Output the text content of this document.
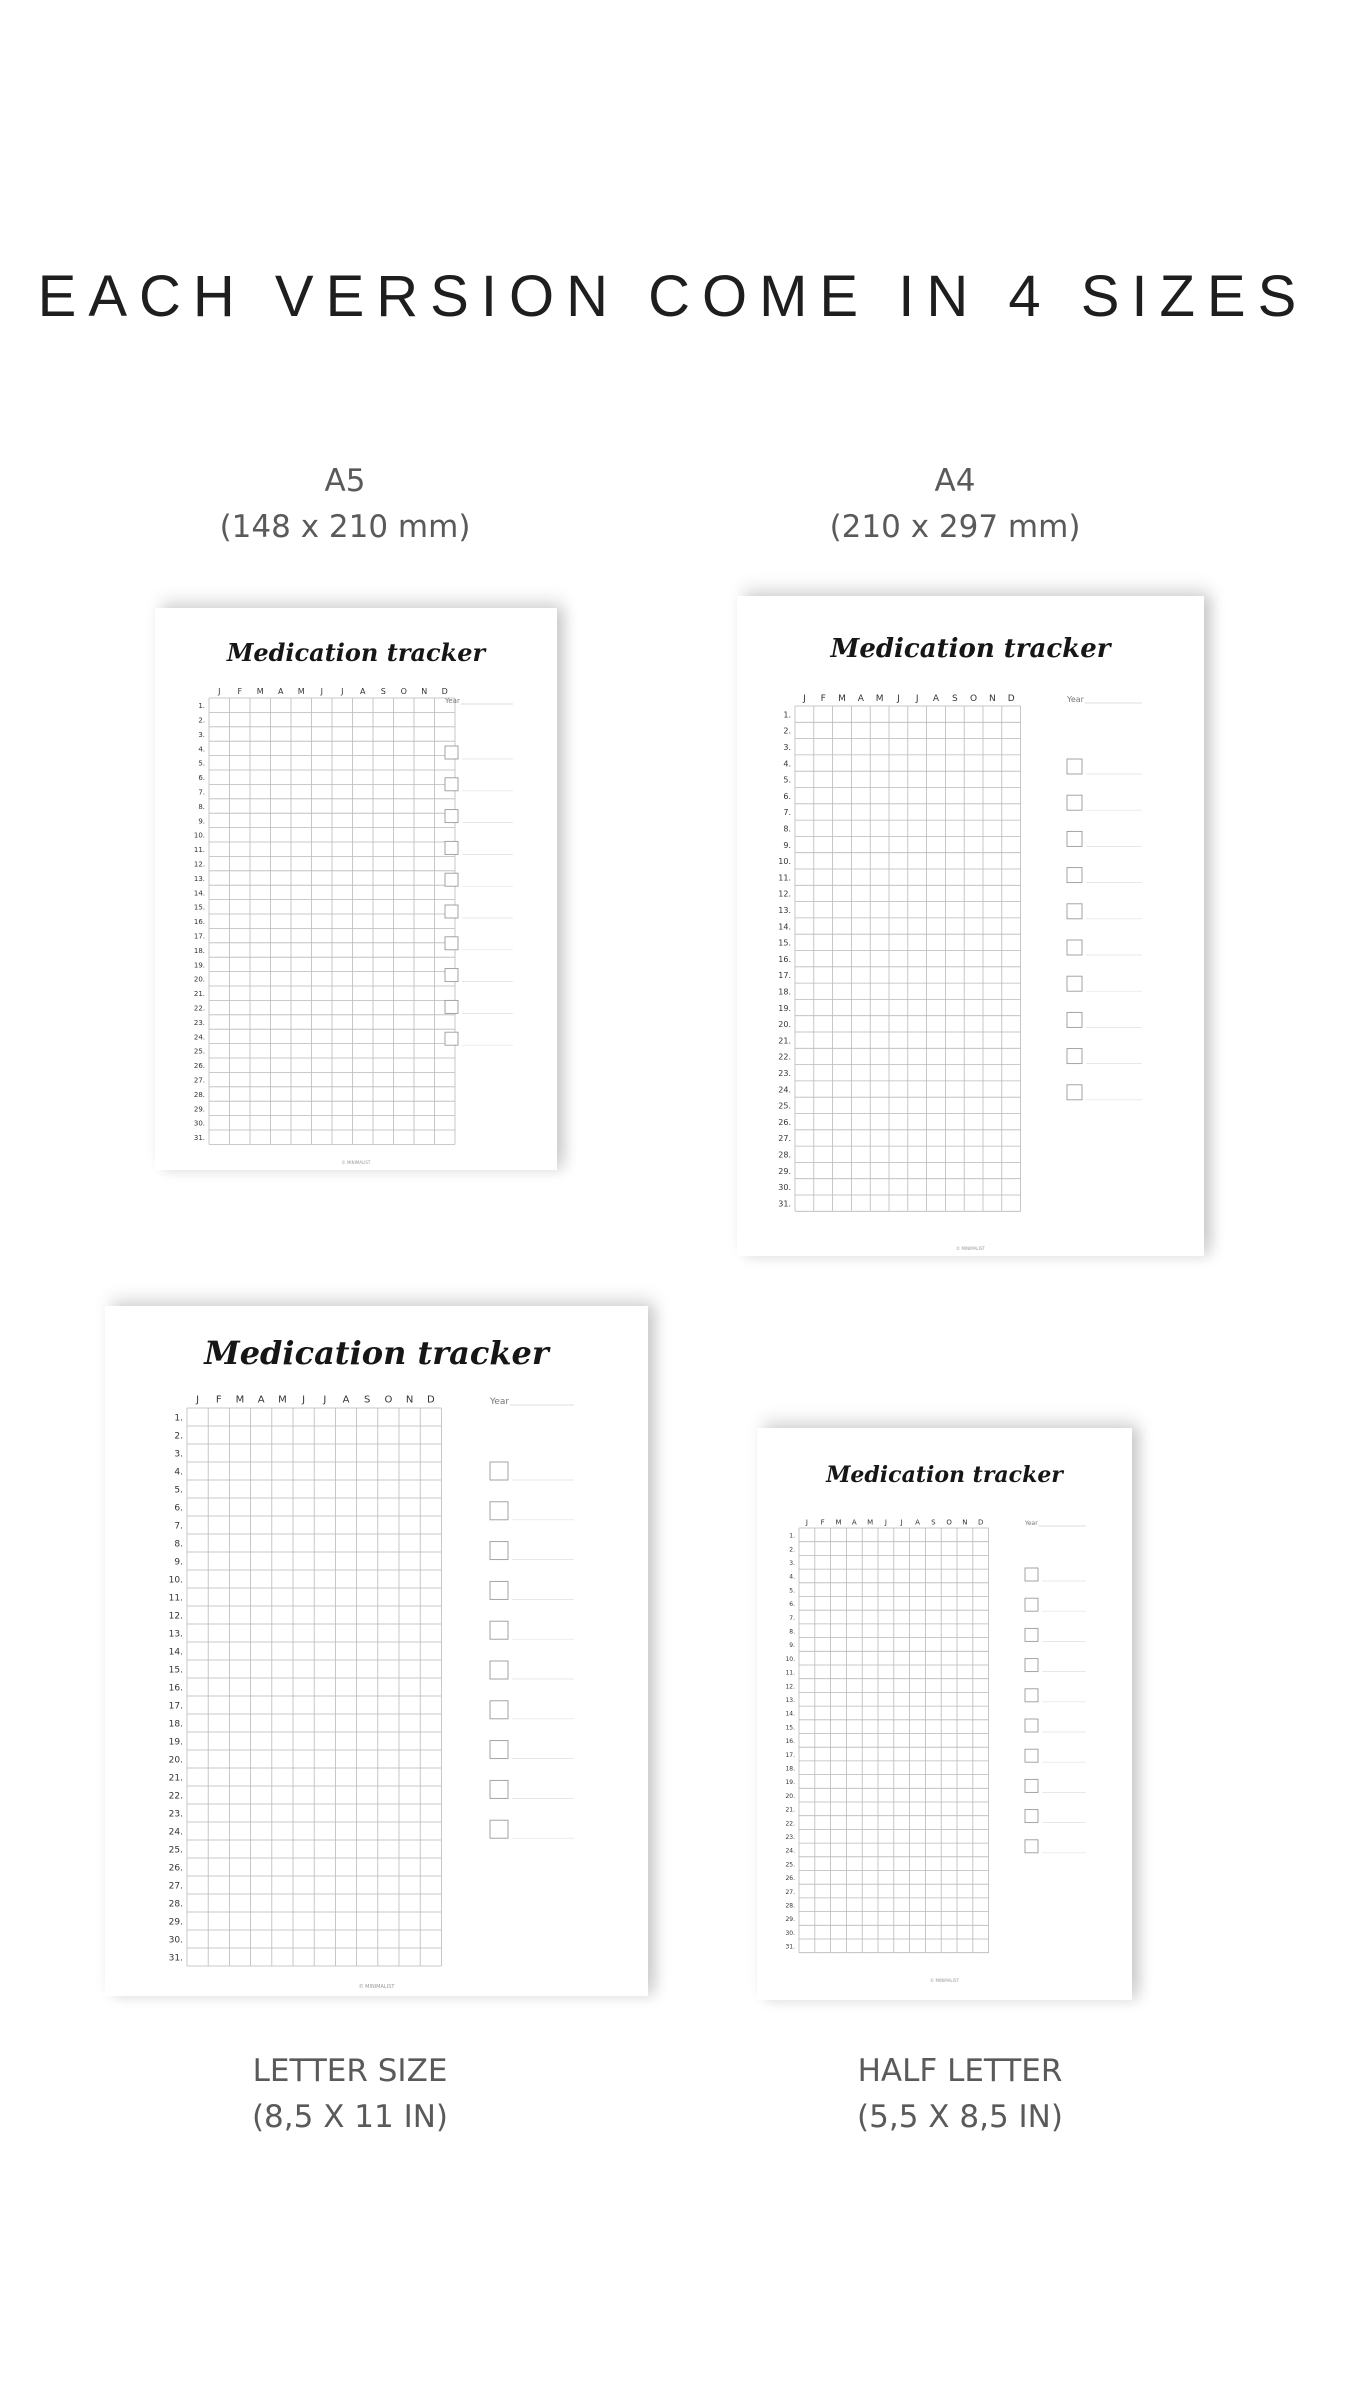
EACH VERSION COME IN 4 SIZES
A5
(148 x 210 mm)
A4
(210 x 297 mm)
LETTER SIZE
(8,5 X 11 IN)
HALF LETTER
(5,5 X 8,5 IN)
Medication tracker
J F M A M J J A S O N D
1.
2.
3.
4.
5.
6.
7.
8.
9.
10.
11.
12.
13.
14.
15.
16.
17.
18.
19.
20.
21.
22.
23.
24.
25.
26.
27.
28.
29.
30.
31.
Year
© MINIMALIST
Medication tracker
J F M A M J J A S O N D
1.
2.
3.
4.
5.
6.
7.
8.
9.
10.
11.
12.
13.
14.
15.
16.
17.
18.
19.
20.
21.
22.
23.
24.
25.
26.
27.
28.
29.
30.
31.
Year
© MINIMALIST
Medication tracker
J F M A M J J A S O N D
1.
2.
3.
4.
5.
6.
7.
8.
9.
10.
11.
12.
13.
14.
15.
16.
17.
18.
19.
20.
21.
22.
23.
24.
25.
26.
27.
28.
29.
30.
31.
Year
© MINIMALIST
Medication tracker
J F M A M J J A S O N D
1.
2.
3.
4.
5.
6.
7.
8.
9.
10.
11.
12.
13.
14.
15.
16.
17.
18.
19.
20.
21.
22.
23.
24.
25.
26.
27.
28.
29.
30.
31.
Year
© MINIMALIST
